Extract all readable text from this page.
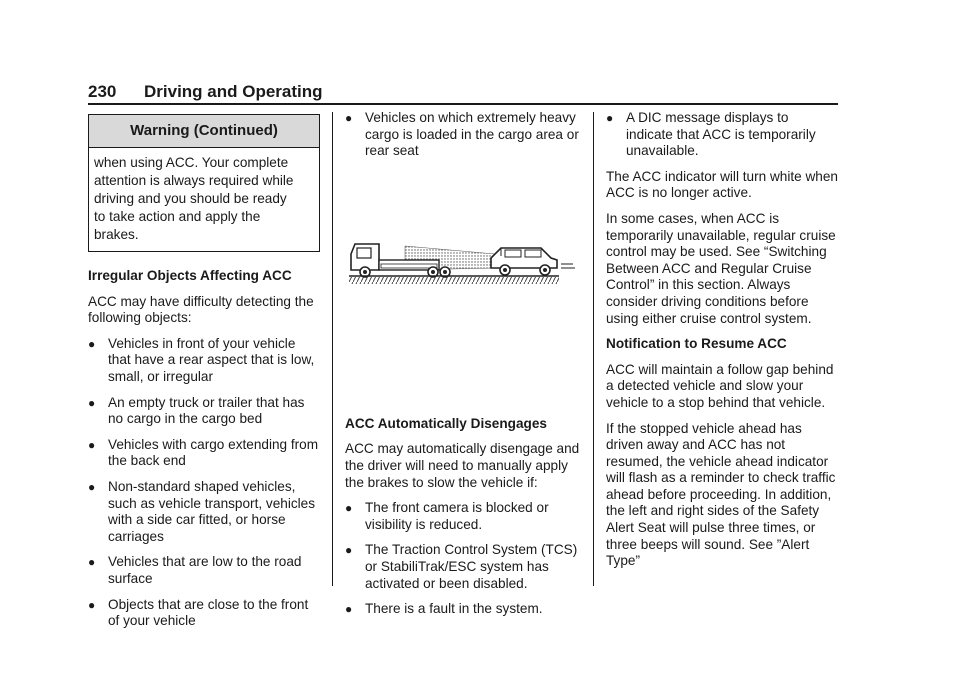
230 Driving and Operating
Warning (Continued)
when using ACC. Your complete
attention is always required while
driving and you should be ready
to take action and apply the
brakes.

Irregular Objects Affecting ACC

ACC may have difficulty detecting the following objects:

● Vehicles in front of your vehicle that have a rear aspect that is low, small, or irregular
● An empty truck or trailer that has no cargo in the cargo bed
● Vehicles with cargo extending from the back end
● Non-standard shaped vehicles, such as vehicle transport, vehicles with a side car fitted, or horse carriages
● Vehicles that are low to the road surface
● Objects that are close to the front of your vehicle
● Vehicles on which extremely heavy cargo is loaded in the cargo area or rear seat

ACC Automatically Disengages

ACC may automatically disengage and the driver will need to manually apply the brakes to slow the vehicle if:

● The front camera is blocked or visibility is reduced.
● The Traction Control System (TCS) or StabiliTrak/ESC system has activated or been disabled.
● There is a fault in the system.
● A DIC message displays to indicate that ACC is temporarily unavailable.

The ACC indicator will turn white when ACC is no longer active.

In some cases, when ACC is temporarily unavailable, regular cruise control may be used. See “Switching Between ACC and Regular Cruise Control” in this section. Always consider driving conditions before using either cruise control system.

Notification to Resume ACC

ACC will maintain a follow gap behind a detected vehicle and slow your vehicle to a stop behind that vehicle.

If the stopped vehicle ahead has driven away and ACC has not resumed, the vehicle ahead indicator will flash as a reminder to check traffic ahead before proceeding. In addition, the left and right sides of the Safety Alert Seat will pulse three times, or three beeps will sound. See ”Alert Type”
